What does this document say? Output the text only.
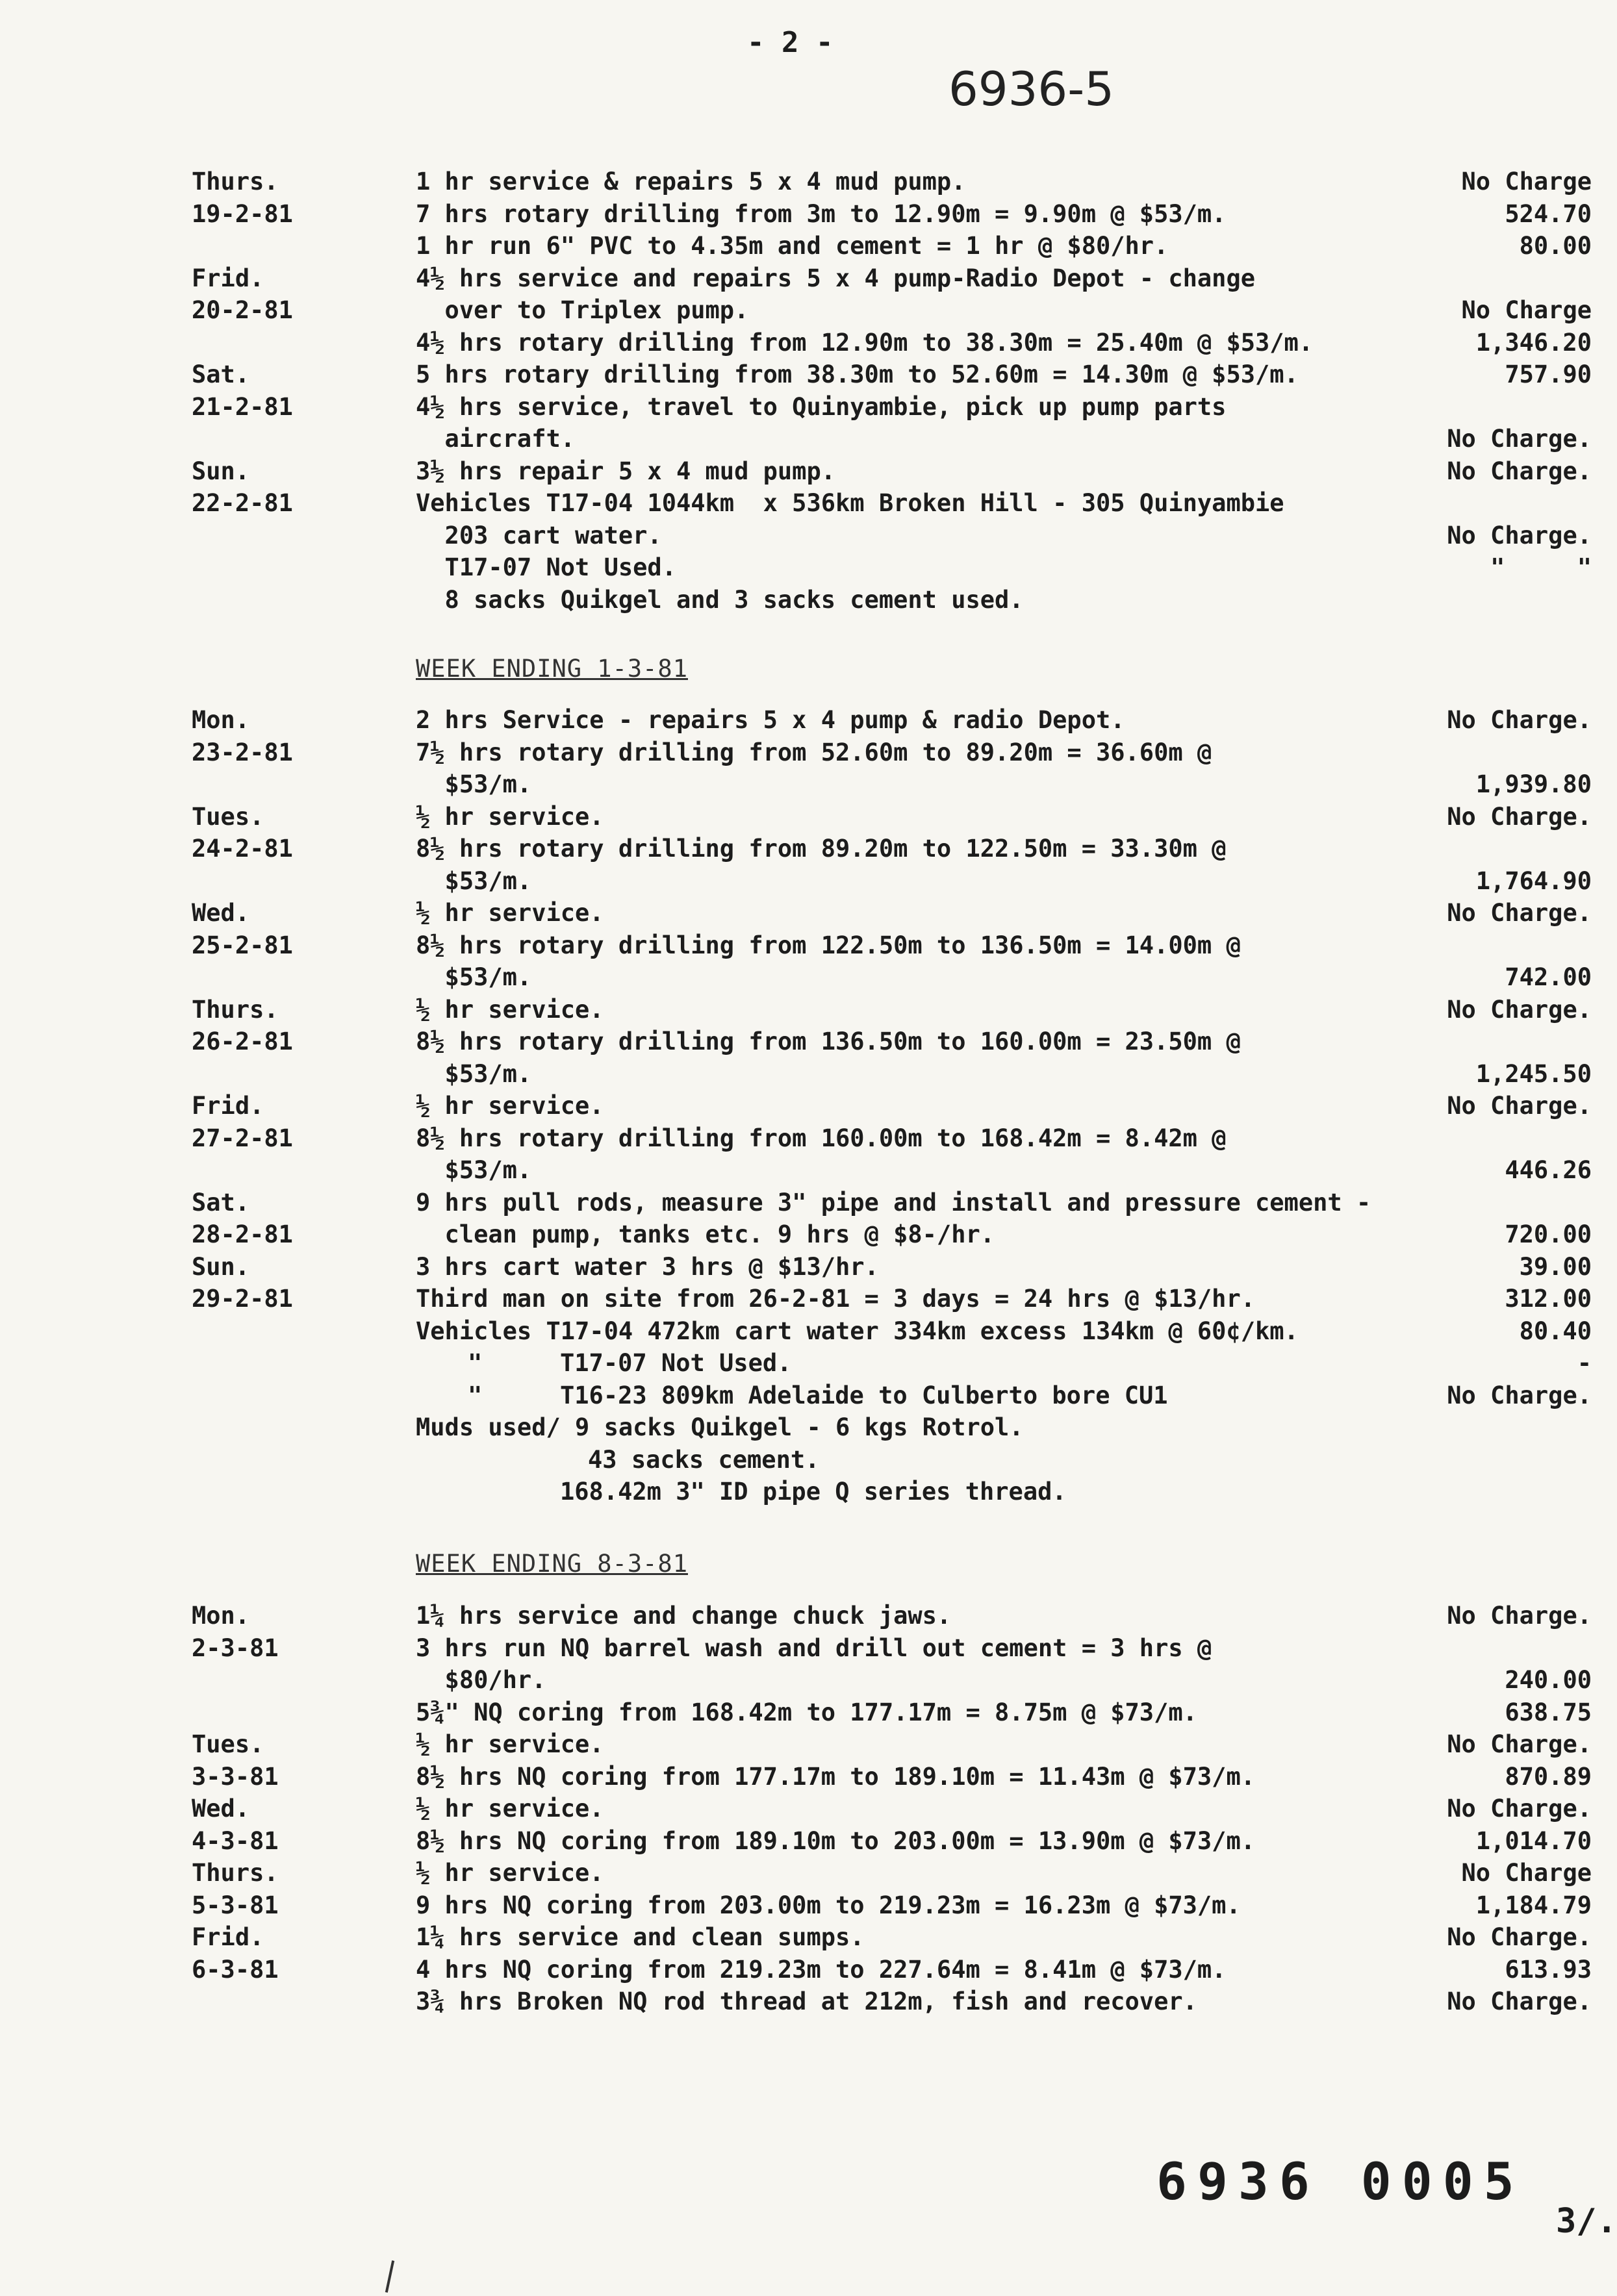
- 2 -
6936-5
Thurs.	1 hr service & repairs 5 x 4 mud pump.	No Charge
19-2-81	7 hrs rotary drilling from 3m to 12.90m = 9.90m @ $53/m.	524.70
1 hr run 6" PVC to 4.35m and cement = 1 hr @ $80/hr.	80.00
Frid.	4½ hrs service and repairs 5 x 4 pump-Radio Depot - change
20-2-81	over to Triplex pump.	No Charge
4½ hrs rotary drilling from 12.90m to 38.30m = 25.40m @ $53/m.	1,346.20
Sat.	5 hrs rotary drilling from 38.30m to 52.60m = 14.30m @ $53/m.	757.90
21-2-81	4½ hrs service, travel to Quinyambie, pick up pump parts
aircraft.	No Charge.
Sun.	3½ hrs repair 5 x 4 mud pump.	No Charge.
22-2-81	Vehicles T17-04 1044km  x 536km Broken Hill - 305 Quinyambie
203 cart water.	No Charge.
T17-07 Not Used.	"     "
8 sacks Quikgel and 3 sacks cement used.
WEEK ENDING 1-3-81
Mon.	2 hrs Service - repairs 5 x 4 pump & radio Depot.	No Charge.
23-2-81	7½ hrs rotary drilling from 52.60m to 89.20m = 36.60m @
$53/m.	1,939.80
Tues.	½ hr service.	No Charge.
24-2-81	8½ hrs rotary drilling from 89.20m to 122.50m = 33.30m @
$53/m.	1,764.90
Wed.	½ hr service.	No Charge.
25-2-81	8½ hrs rotary drilling from 122.50m to 136.50m = 14.00m @
$53/m.	742.00
Thurs.	½ hr service.	No Charge.
26-2-81	8½ hrs rotary drilling from 136.50m to 160.00m = 23.50m @
$53/m.	1,245.50
Frid.	½ hr service.	No Charge.
27-2-81	8½ hrs rotary drilling from 160.00m to 168.42m = 8.42m @
$53/m.	446.26
Sat.	9 hrs pull rods, measure 3" pipe and install and pressure cement -
28-2-81	clean pump, tanks etc. 9 hrs @ $8-/hr.	720.00
Sun.	3 hrs cart water 3 hrs @ $13/hr.	39.00
29-2-81	Third man on site from 26-2-81 = 3 days = 24 hrs @ $13/hr.	312.00
Vehicles T17-04 472km cart water 334km excess 134km @ 60¢/km.	80.40
"	T17-07 Not Used.	-
"	T16-23 809km Adelaide to Culberto bore CU1	No Charge.
Muds used/ 9 sacks Quikgel - 6 kgs Rotrol.
43 sacks cement.
168.42m 3" ID pipe Q series thread.
WEEK ENDING 8-3-81
Mon.	1¼ hrs service and change chuck jaws.	No Charge.
2-3-81	3 hrs run NQ barrel wash and drill out cement = 3 hrs @
$80/hr.	240.00
5¾" NQ coring from 168.42m to 177.17m = 8.75m @ $73/m.	638.75
Tues.	½ hr service.	No Charge.
3-3-81	8½ hrs NQ coring from 177.17m to 189.10m = 11.43m @ $73/m.	870.89
Wed.	½ hr service.	No Charge.
4-3-81	8½ hrs NQ coring from 189.10m to 203.00m = 13.90m @ $73/m.	1,014.70
Thurs.	½ hr service.	No Charge
5-3-81	9 hrs NQ coring from 203.00m to 219.23m = 16.23m @ $73/m.	1,184.79
Frid.	1¼ hrs service and clean sumps.	No Charge.
6-3-81	4 hrs NQ coring from 219.23m to 227.64m = 8.41m @ $73/m.	613.93
3¾ hrs Broken NQ rod thread at 212m, fish and recover.	No Charge.
6936 0005
3/.
